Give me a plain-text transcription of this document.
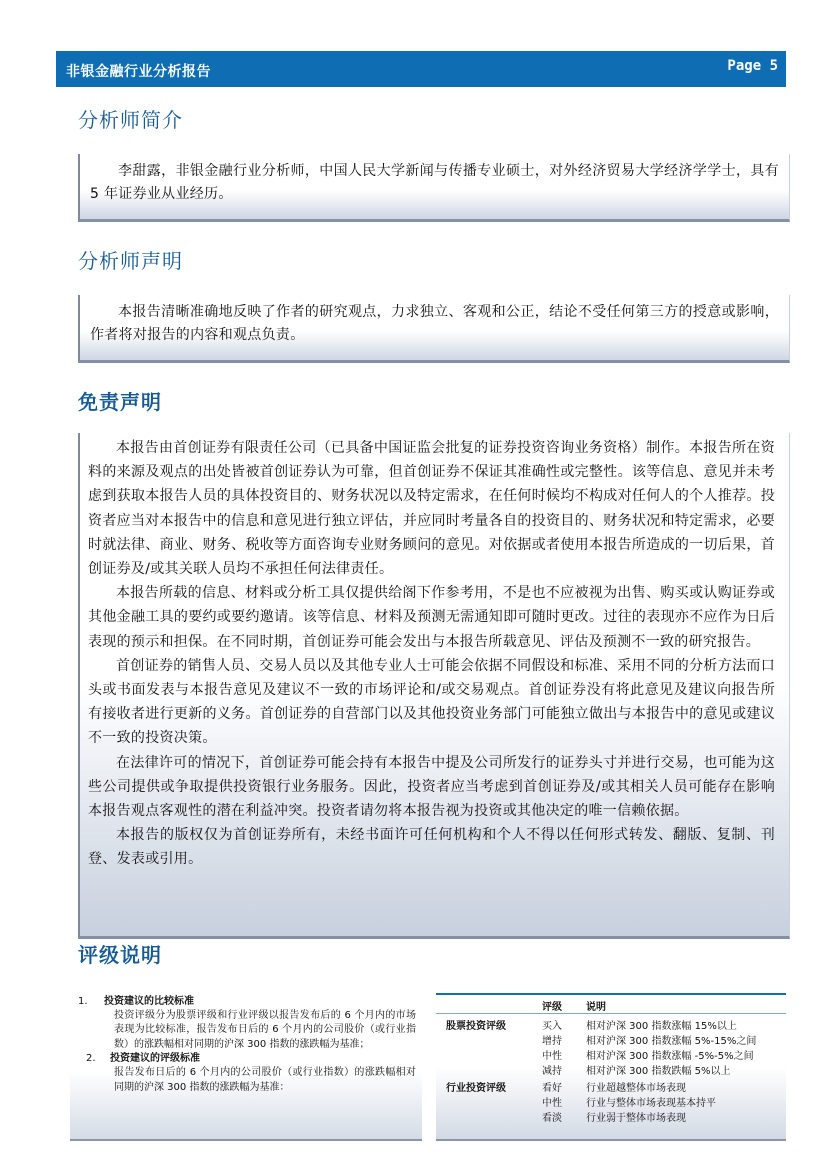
非银金融行业分析报告	Page 5
分析师简介

李甜露，非银金融行业分析师，中国人民大学新闻与传播专业硕士，对外经济贸易大学经济学学士，具有 5 年证券业从业经历。

分析师声明

本报告清晰准确地反映了作者的研究观点，力求独立、客观和公正，结论不受任何第三方的授意或影响，作者将对报告的内容和观点负责。

免责声明

本报告由首创证券有限责任公司（已具备中国证监会批复的证券投资咨询业务资格）制作。本报告所在资料的来源及观点的出处皆被首创证券认为可靠，但首创证券不保证其准确性或完整性。该等信息、意见并未考虑到获取本报告人员的具体投资目的、财务状况以及特定需求，在任何时候均不构成对任何人的个人推荐。投资者应当对本报告中的信息和意见进行独立评估，并应同时考量各自的投资目的、财务状况和特定需求，必要时就法律、商业、财务、税收等方面咨询专业财务顾问的意见。对依据或者使用本报告所造成的一切后果，首创证券及/或其关联人员均不承担任何法律责任。

本报告所载的信息、材料或分析工具仅提供给阁下作参考用，不是也不应被视为出售、购买或认购证券或其他金融工具的要约或要约邀请。该等信息、材料及预测无需通知即可随时更改。过往的表现亦不应作为日后表现的预示和担保。在不同时期，首创证券可能会发出与本报告所载意见、评估及预测不一致的研究报告。

首创证券的销售人员、交易人员以及其他专业人士可能会依据不同假设和标准、采用不同的分析方法而口头或书面发表与本报告意见及建议不一致的市场评论和/或交易观点。首创证券没有将此意见及建议向报告所有接收者进行更新的义务。首创证券的自营部门以及其他投资业务部门可能独立做出与本报告中的意见或建议不一致的投资决策。

在法律许可的情况下，首创证券可能会持有本报告中提及公司所发行的证券头寸并进行交易，也可能为这些公司提供或争取提供投资银行业务服务。因此，投资者应当考虑到首创证券及/或其相关人员可能存在影响本报告观点客观性的潜在利益冲突。投资者请勿将本报告视为投资或其他决定的唯一信赖依据。

本报告的版权仅为首创证券所有，未经书面许可任何机构和个人不得以任何形式转发、翻版、复制、刊登、发表或引用。

评级说明
1.	投资建议的比较标准
投资评级分为股票评级和行业评级以报告发布后的 6 个月内的市场表现为比较标准，报告发布日后的 6 个月内的公司股价（或行业指数）的涨跌幅相对同期的沪深 300 指数的涨跌幅为基准；
2.	投资建议的评级标准
报告发布日后的 6 个月内的公司股价（或行业指数）的涨跌幅相对同期的沪深 300 指数的涨跌幅为基准：
评级 说明
股票投资评级	买入 相对沪深 300 指数涨幅 15%以上
增持 相对沪深 300 指数涨幅 5%-15%之间
中性 相对沪深 300 指数涨幅 -5%-5%之间
减持 相对沪深 300 指数跌幅 5%以上
行业投资评级	看好 行业超越整体市场表现
中性 行业与整体市场表现基本持平
看淡 行业弱于整体市场表现
